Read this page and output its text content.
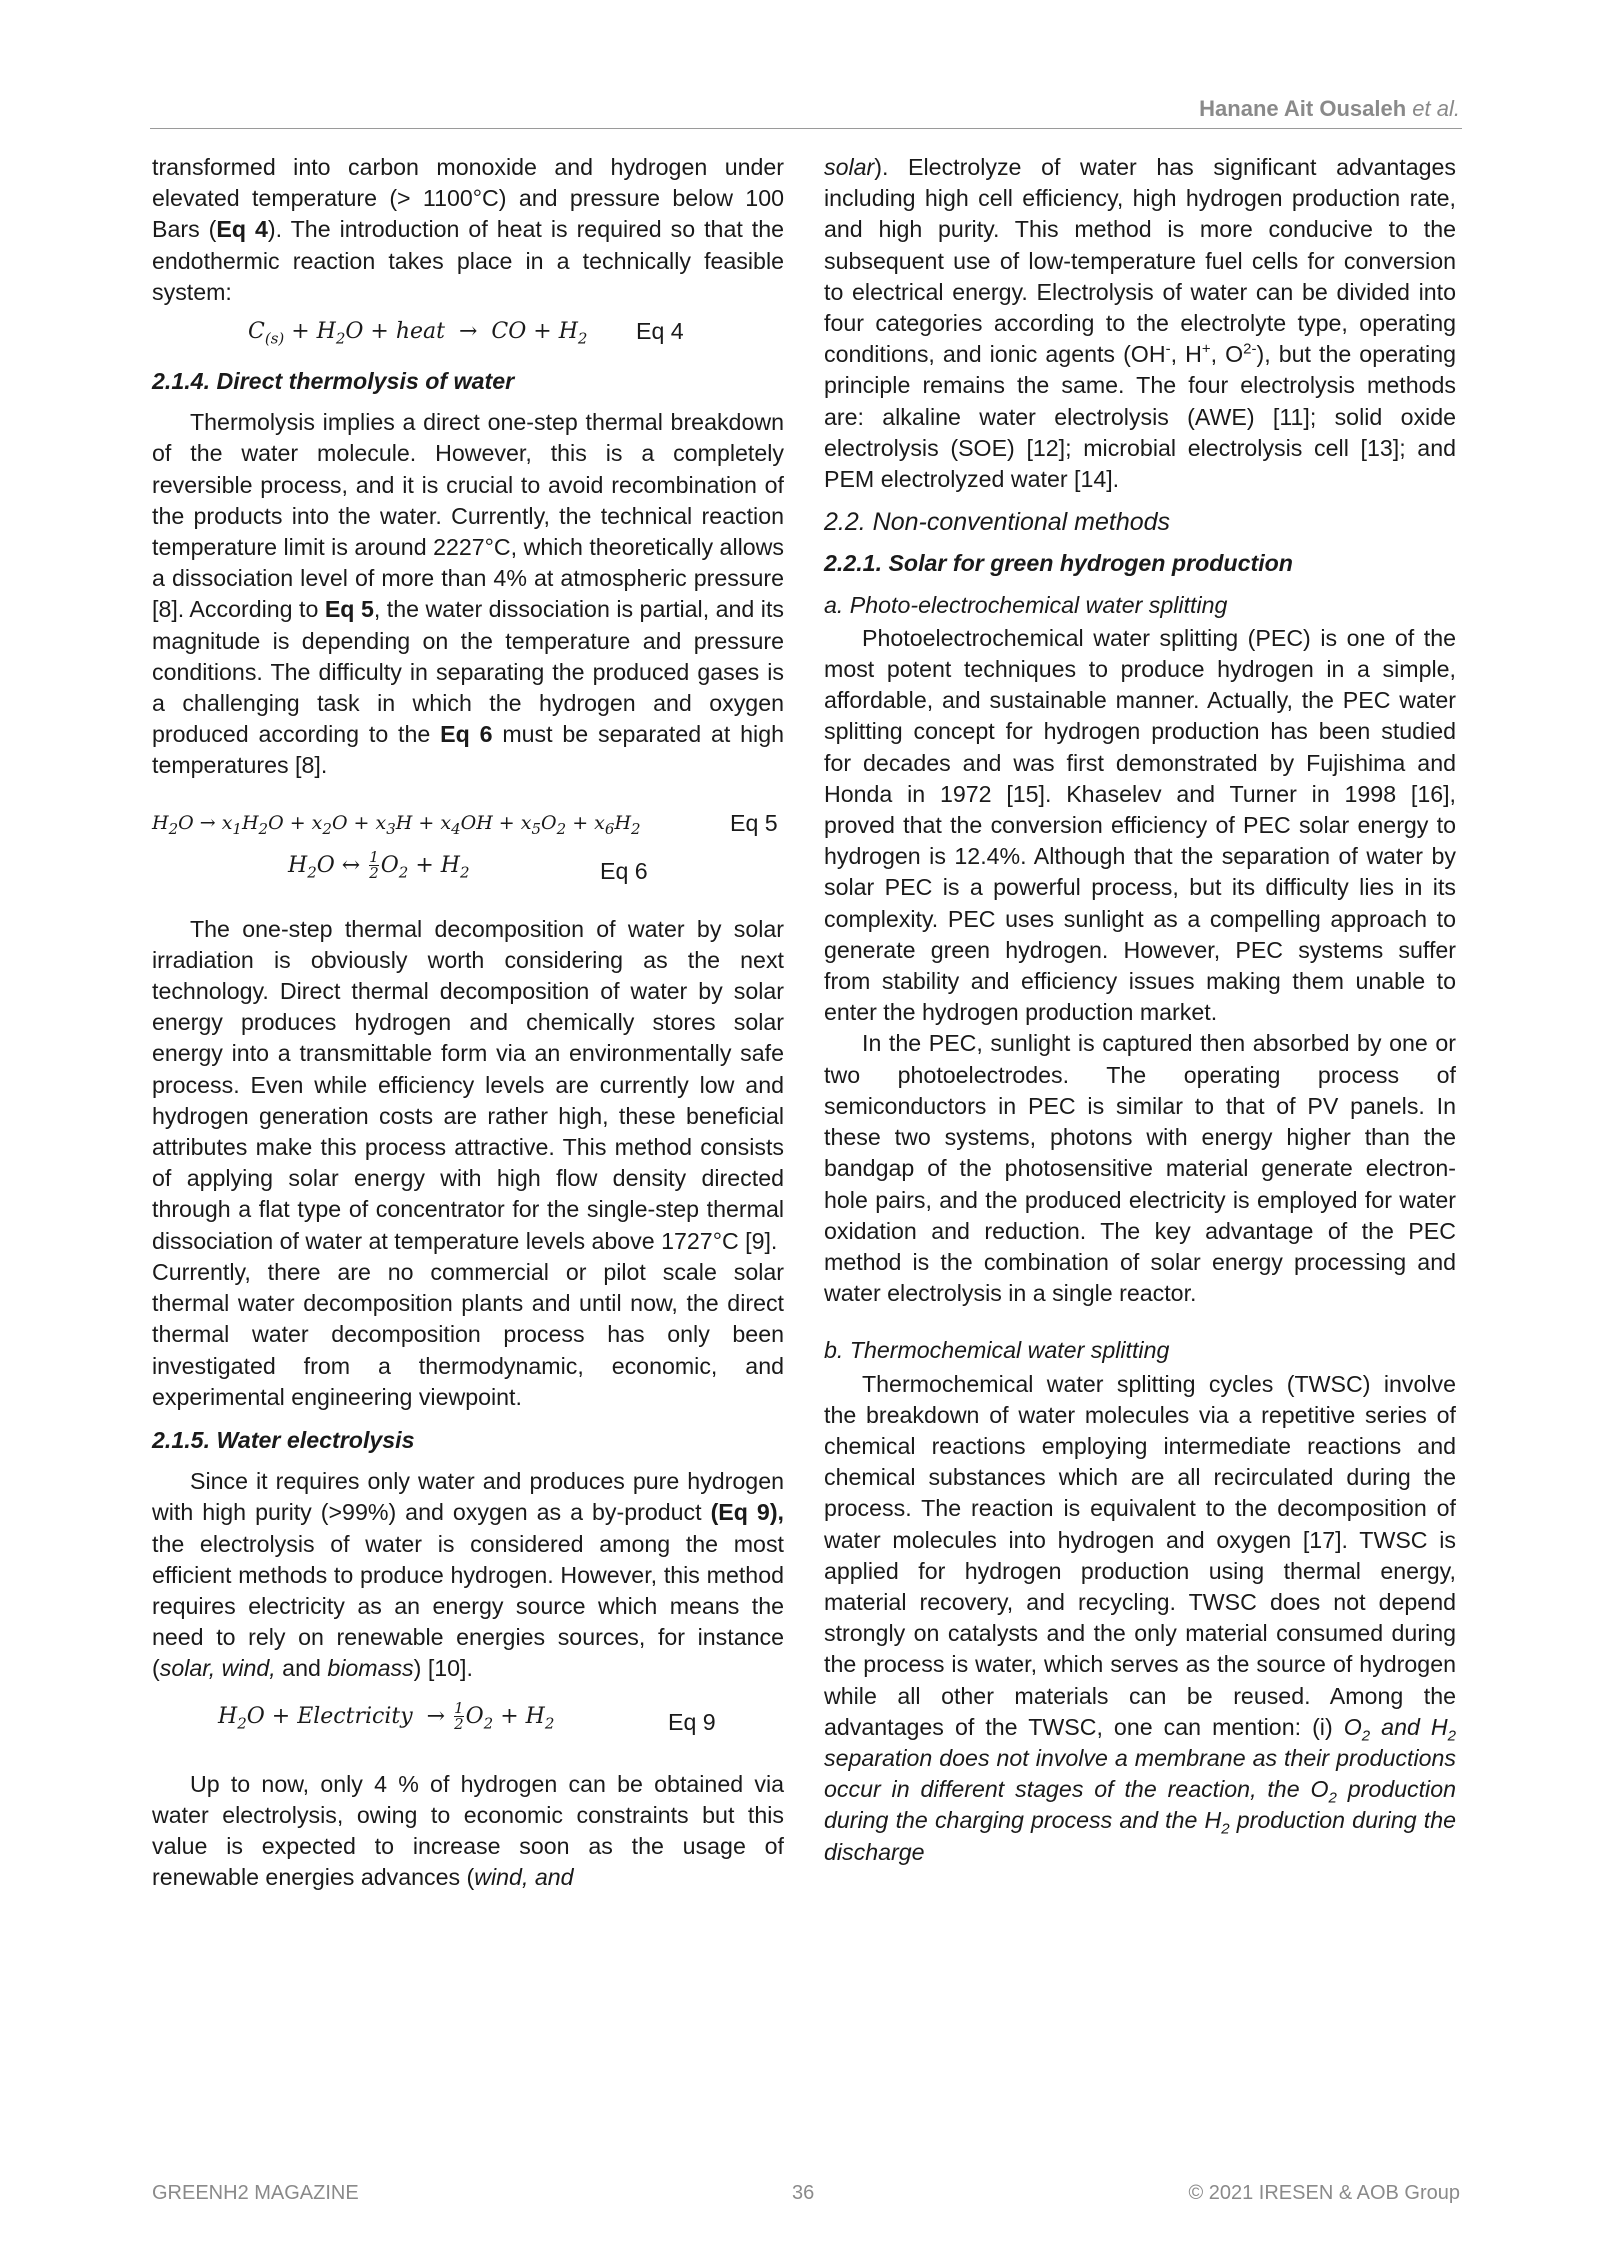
Hanane Ait Ousaleh et al.

transformed into carbon monoxide and hydrogen under elevated temperature (> 1100°C) and pressure below 100 Bars (Eq 4). The introduction of heat is required so that the endothermic reaction takes place in a technically feasible system:

$C_{(s)} + H_2O$ + heat  →  CO + $H_2$ Eq 4

2.1.4. Direct thermolysis of water

Thermolysis implies a direct one-step thermal breakdown of the water molecule. However, this is a completely reversible process, and it is crucial to avoid recombination of the products into the water. Currently, the technical reaction temperature limit is around 2227°C, which theoretically allows a dissociation level of more than 4% at atmospheric pressure [8]. According to Eq 5, the water dissociation is partial, and its magnitude is depending on the temperature and pressure conditions. The difficulty in separating the produced gases is a challenging task in which the hydrogen and oxygen produced according to the Eq 6 must be separated at high temperatures [8].

$H_2O \to x_1H_2O + x_2O + x_3H + x_4OH + x_5O_2 + x_6H_2$	Eq 5
$H_2O$ ↔ $\frac{1}{2} O_2 + H_2$	Eq 6

The one-step thermal decomposition of water by solar irradiation is obviously worth considering as the next technology. Direct thermal decomposition of water by solar energy produces hydrogen and chemically stores solar energy into a transmittable form via an environmentally safe process. Even while efficiency levels are currently low and hydrogen generation costs are rather high, these beneficial attributes make this process attractive. This method consists of applying solar energy with high flow density directed through a flat type of concentrator for the single-step thermal dissociation of water at temperature levels above 1727°C [9].

Currently, there are no commercial or pilot scale solar thermal water decomposition plants and until now, the direct thermal water decomposition process has only been investigated from a thermodynamic, economic, and experimental engineering viewpoint.

2.1.5. Water electrolysis

Since it requires only water and produces pure hydrogen with high purity (>99%) and oxygen as a by-product (Eq 9), the electrolysis of water is considered among the most efficient methods to produce hydrogen. However, this method requires electricity as an energy source which means the need to rely on renewable energies sources, for instance (solar, wind, and biomass) [10].

$H_2O$ + Electricity  → $\frac{1}{2} O_2 + H_2$	Eq 9

Up to now, only 4 % of hydrogen can be obtained via water electrolysis, owing to economic constraints but this value is expected to increase soon as the usage of renewable energies advances (wind, and

solar). Electrolyze of water has significant advantages including high cell efficiency, high hydrogen production rate, and high purity. This method is more conducive to the subsequent use of low-temperature fuel cells for conversion to electrical energy. Electrolysis of water can be divided into four categories according to the electrolyte type, operating conditions, and ionic agents (OH-, H+, $O^{2-}$), but the operating principle remains the same. The four electrolysis methods are: alkaline water electrolysis (AWE) [11]; solid oxide electrolysis (SOE) [12]; microbial electrolysis cell [13]; and PEM electrolyzed water [14].

2.2. Non-conventional methods

2.2.1. Solar for green hydrogen production

a. Photo-electrochemical water splitting

Photoelectrochemical water splitting (PEC) is one of the most potent techniques to produce hydrogen in a simple, affordable, and sustainable manner. Actually, the PEC water splitting concept for hydrogen production has been studied for decades and was first demonstrated by Fujishima and Honda in 1972 [15]. Khaselev and Turner in 1998 [16], proved that the conversion efficiency of PEC solar energy to hydrogen is 12.4%. Although that the separation of water by solar PEC is a powerful process, but its difficulty lies in its complexity. PEC uses sunlight as a compelling approach to generate green hydrogen. However, PEC systems suffer from stability and efficiency issues making them unable to enter the hydrogen production market.

In the PEC, sunlight is captured then absorbed by one or two photoelectrodes. The operating process of semiconductors in PEC is similar to that of PV panels. In these two systems, photons with energy higher than the bandgap of the photosensitive material generate electron-hole pairs, and the produced electricity is employed for water oxidation and reduction. The key advantage of the PEC method is the combination of solar energy processing and water electrolysis in a single reactor.

b. Thermochemical water splitting

Thermochemical water splitting cycles (TWSC) involve the breakdown of water molecules via a repetitive series of chemical reactions employing intermediate reactions and chemical substances which are all recirculated during the process. The reaction is equivalent to the decomposition of water molecules into hydrogen and oxygen [17]. TWSC is applied for hydrogen production using thermal energy, material recovery, and recycling. TWSC does not depend strongly on catalysts and the only material consumed during the process is water, which serves as the source of hydrogen while all other materials can be reused. Among the advantages of the TWSC, one can mention: (i) $O_2$ and $H_2$ separation does not involve a membrane as their productions occur in different stages of the reaction, the $O_2$ production during the charging process and the $H_2$ production during the discharge

GREENH2 MAGAZINE	36	© 2021 IRESEN & AOB Group
